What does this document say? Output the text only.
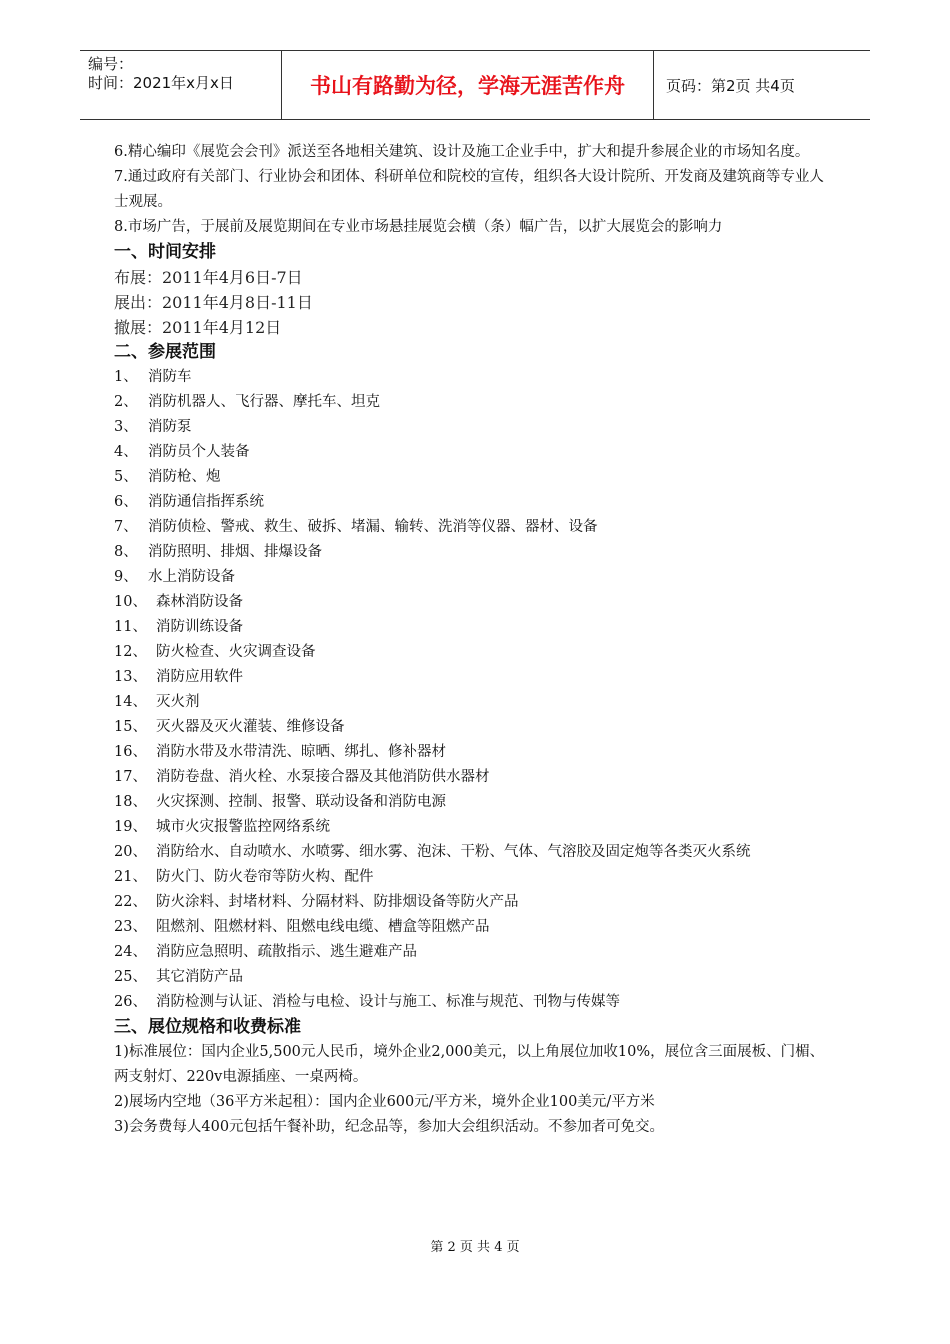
编号：
时间：2021年x月x日	书山有路勤为径，学海无涯苦作舟	页码：第2页 共4页

6.精心编印《展览会会刊》派送至各地相关建筑、设计及施工企业手中，扩大和提升参展企业的市场知名度。

7.通过政府有关部门、行业协会和团体、科研单位和院校的宣传，组织各大设计院所、开发商及建筑商等专业人士观展。

8.市场广告，于展前及展览期间在专业市场悬挂展览会横（条）幅广告，以扩大展览会的影响力

一、时间安排

布展：2011年4月6日-7日

展出：2011年4月8日-11日

撤展：2011年4月12日

二、参展范围

1、 消防车

2、 消防机器人、飞行器、摩托车、坦克

3、 消防泵

4、 消防员个人装备

5、 消防枪、炮

6、 消防通信指挥系统

7、 消防侦检、警戒、救生、破拆、堵漏、输转、洗消等仪器、器材、设备

8、 消防照明、排烟、排爆设备

9、 水上消防设备

10、 森林消防设备

11、 消防训练设备

12、 防火检查、火灾调查设备

13、 消防应用软件

14、 灭火剂

15、 灭火器及灭火灌装、维修设备

16、 消防水带及水带清洗、晾晒、绑扎、修补器材

17、 消防卷盘、消火栓、水泵接合器及其他消防供水器材

18、 火灾探测、控制、报警、联动设备和消防电源

19、 城市火灾报警监控网络系统

20、 消防给水、自动喷水、水喷雾、细水雾、泡沫、干粉、气体、气溶胶及固定炮等各类灭火系统

21、 防火门、防火卷帘等防火构、配件

22、 防火涂料、封堵材料、分隔材料、防排烟设备等防火产品

23、 阻燃剂、阻燃材料、阻燃电线电缆、槽盒等阻燃产品

24、 消防应急照明、疏散指示、逃生避难产品

25、 其它消防产品

26、 消防检测与认证、消检与电检、设计与施工、标准与规范、刊物与传媒等

三、展位规格和收费标准

1)标准展位：国内企业5,500元人民币，境外企业2,000美元，以上角展位加收10%，展位含三面展板、门楣、两支射灯、220v电源插座、一桌两椅。

2)展场内空地（36平方米起租）：国内企业600元/平方米，境外企业100美元/平方米

3)会务费每人400元包括午餐补助，纪念品等，参加大会组织活动。不参加者可免交。

第 2 页 共 4 页
